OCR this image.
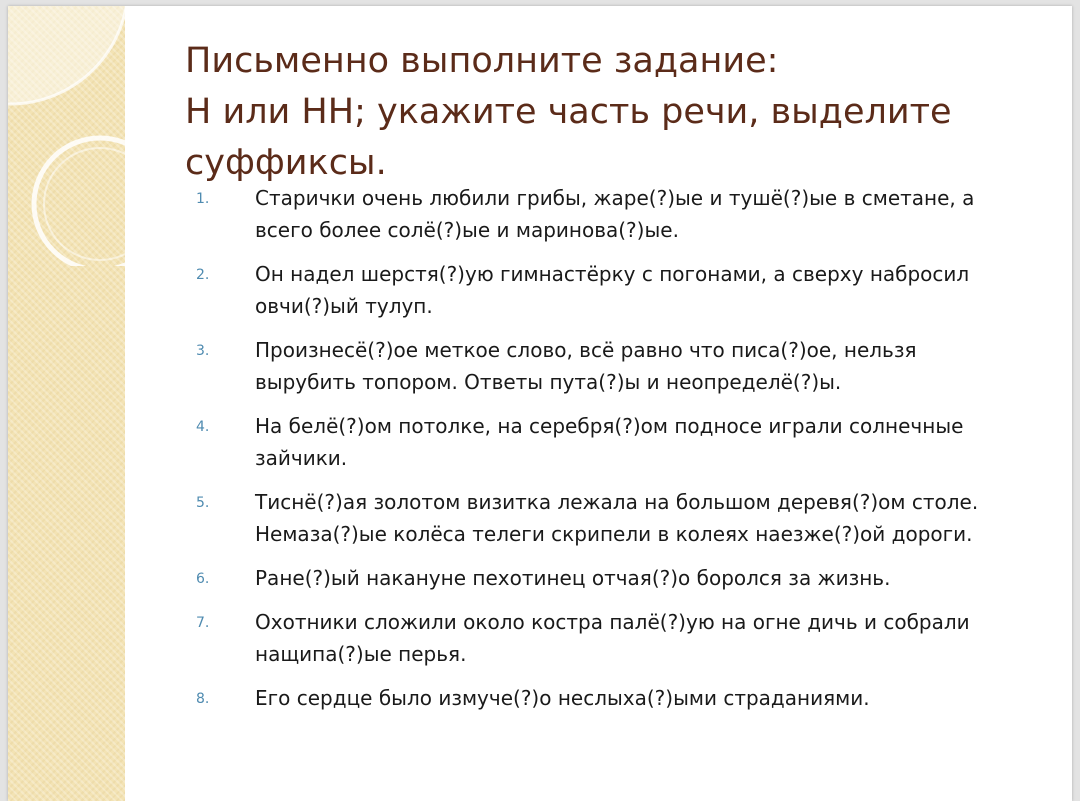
Письменно выполните задание:
Н или НН; укажите часть речи, выделите
суффиксы.
1. Старички очень любили грибы, жаре(?)ые и тушё(?)ые в сметане, а
всего более солё(?)ые и маринова(?)ые.
2. Он надел шерстя(?)ую гимнастёрку с погонами, а сверху набросил
овчи(?)ый тулуп.
3. Произнесё(?)ое меткое слово, всё равно что писа(?)ое, нельзя
вырубить топором. Ответы пута(?)ы и неопределё(?)ы.
4. На белё(?)ом потолке, на серебря(?)ом подносе играли солнечные
зайчики.
5. Тиснё(?)ая золотом визитка лежала на большом деревя(?)ом столе.
Немаза(?)ые колёса телеги скрипели в колеях наезже(?)ой дороги.
6. Ране(?)ый накануне пехотинец отчая(?)о боролся за жизнь.
7. Охотники сложили около костра палё(?)ую на огне дичь и собрали
нащипа(?)ые перья.
8. Его сердце было измуче(?)о неслыха(?)ыми страданиями.
